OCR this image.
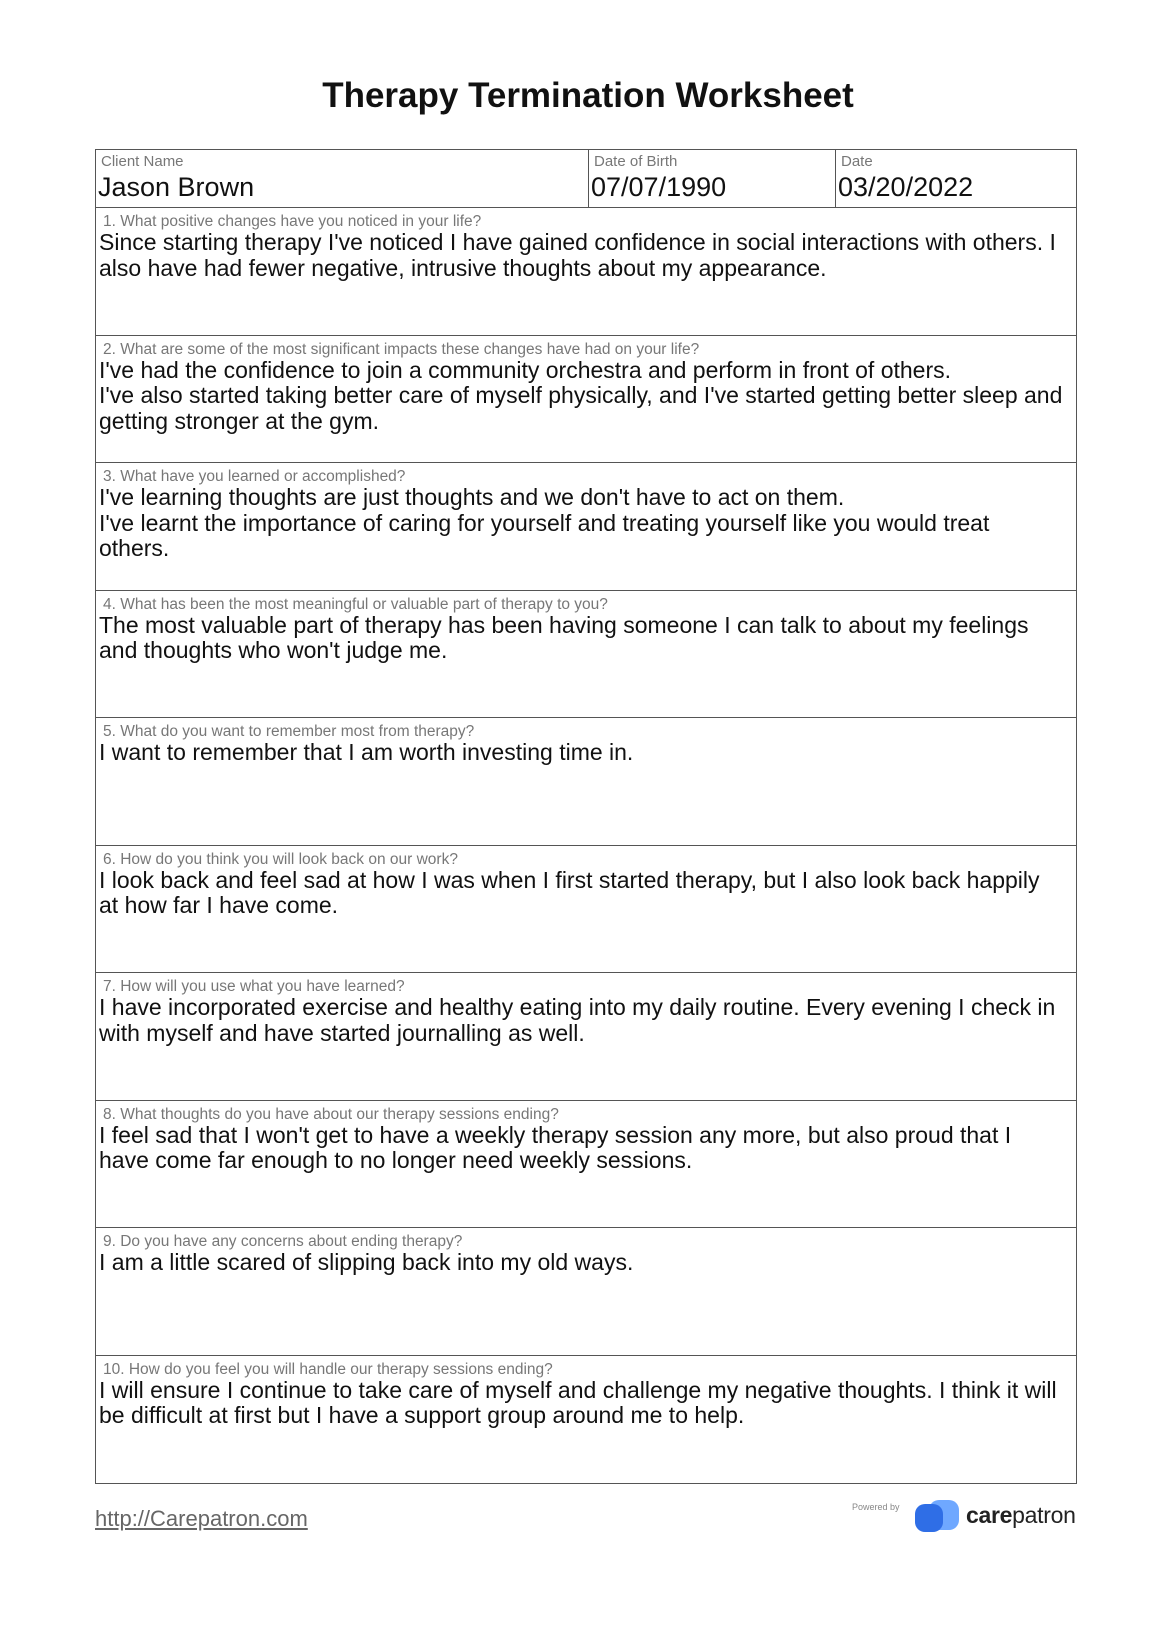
Therapy Termination Worksheet
Client Name
Jason Brown
Date of Birth
07/07/1990
Date
03/20/2022
1. What positive changes have you noticed in your life?
Since starting therapy I've noticed I have gained confidence in social interactions with others. I also have had fewer negative, intrusive thoughts about my appearance.
2. What are some of the most significant impacts these changes have had on your life?
I've had the confidence to join a community orchestra and perform in front of others.
I've also started taking better care of myself physically, and I've started getting better sleep and getting stronger at the gym.
3. What have you learned or accomplished?
I've learning thoughts are just thoughts and we don't have to act on them.
I've learnt the importance of caring for yourself and treating yourself like you would treat others.
4. What has been the most meaningful or valuable part of therapy to you?
The most valuable part of therapy has been having someone I can talk to about my feelings and thoughts who won't judge me.
5. What do you want to remember most from therapy?
I want to remember that I am worth investing time in.
6. How do you think you will look back on our work?
I look back and feel sad at how I was when I first started therapy, but I also look back happily at how far I have come.
7. How will you use what you have learned?
I have incorporated exercise and healthy eating into my daily routine. Every evening I check in with myself and have started journalling as well.
8. What thoughts do you have about our therapy sessions ending?
I feel sad that I won't get to have a weekly therapy session any more, but also proud that I have come far enough to no longer need weekly sessions.
9. Do you have any concerns about ending therapy?
I am a little scared of slipping back into my old ways.
10. How do you feel you will handle our therapy sessions ending?
I will ensure I continue to take care of myself and challenge my negative thoughts. I think it will be difficult at first but I have a support group around me to help.
http://Carepatron.com	Powered by	carepatron
